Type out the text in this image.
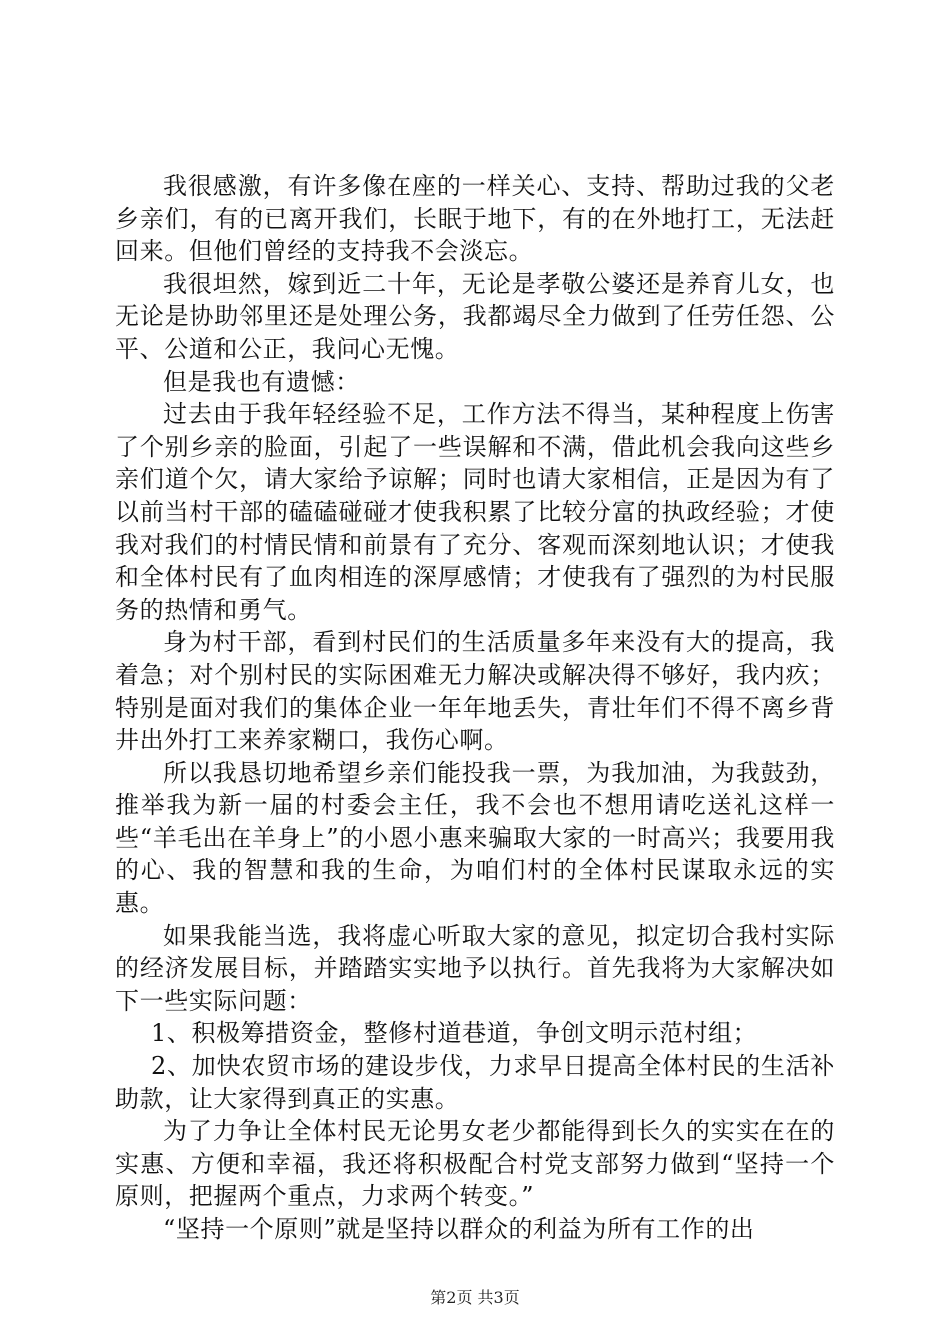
我很感激，有许多像在座的一样关心、支持、帮助过我的父老乡亲们，有的已离开我们，长眠于地下，有的在外地打工，无法赶回来。但他们曾经的支持我不会淡忘。

我很坦然，嫁到近二十年，无论是孝敬公婆还是养育儿女，也无论是协助邻里还是处理公务，我都竭尽全力做到了任劳任怨、公平、公道和公正，我问心无愧。

但是我也有遗憾：

过去由于我年轻经验不足，工作方法不得当，某种程度上伤害了个别乡亲的脸面，引起了一些误解和不满，借此机会我向这些乡亲们道个欠，请大家给予谅解；同时也请大家相信，正是因为有了以前当村干部的磕磕碰碰才使我积累了比较分富的执政经验；才使我对我们的村情民情和前景有了充分、客观而深刻地认识；才使我和全体村民有了血肉相连的深厚感情；才使我有了强烈的为村民服务的热情和勇气。

身为村干部，看到村民们的生活质量多年来没有大的提高，我着急；对个别村民的实际困难无力解决或解决得不够好，我内疚；特别是面对我们的集体企业一年年地丢失，青壮年们不得不离乡背井出外打工来养家糊口，我伤心啊。

所以我恳切地希望乡亲们能投我一票，为我加油，为我鼓劲，推举我为新一届的村委会主任，我不会也不想用请吃送礼这样一些“羊毛出在羊身上”的小恩小惠来骗取大家的一时高兴；我要用我的心、我的智慧和我的生命，为咱们村的全体村民谋取永远的实惠。

如果我能当选，我将虚心听取大家的意见，拟定切合我村实际的经济发展目标，并踏踏实实地予以执行。首先我将为大家解决如下一些实际问题：

1、积极筹措资金，整修村道巷道，争创文明示范村组；

2、加快农贸市场的建设步伐，力求早日提高全体村民的生活补助款，让大家得到真正的实惠。

为了力争让全体村民无论男女老少都能得到长久的实实在在的实惠、方便和幸福，我还将积极配合村党支部努力做到“坚持一个原则，把握两个重点，力求两个转变。”

“坚持一个原则”就是坚持以群众的利益为所有工作的出

第2页 共3页
